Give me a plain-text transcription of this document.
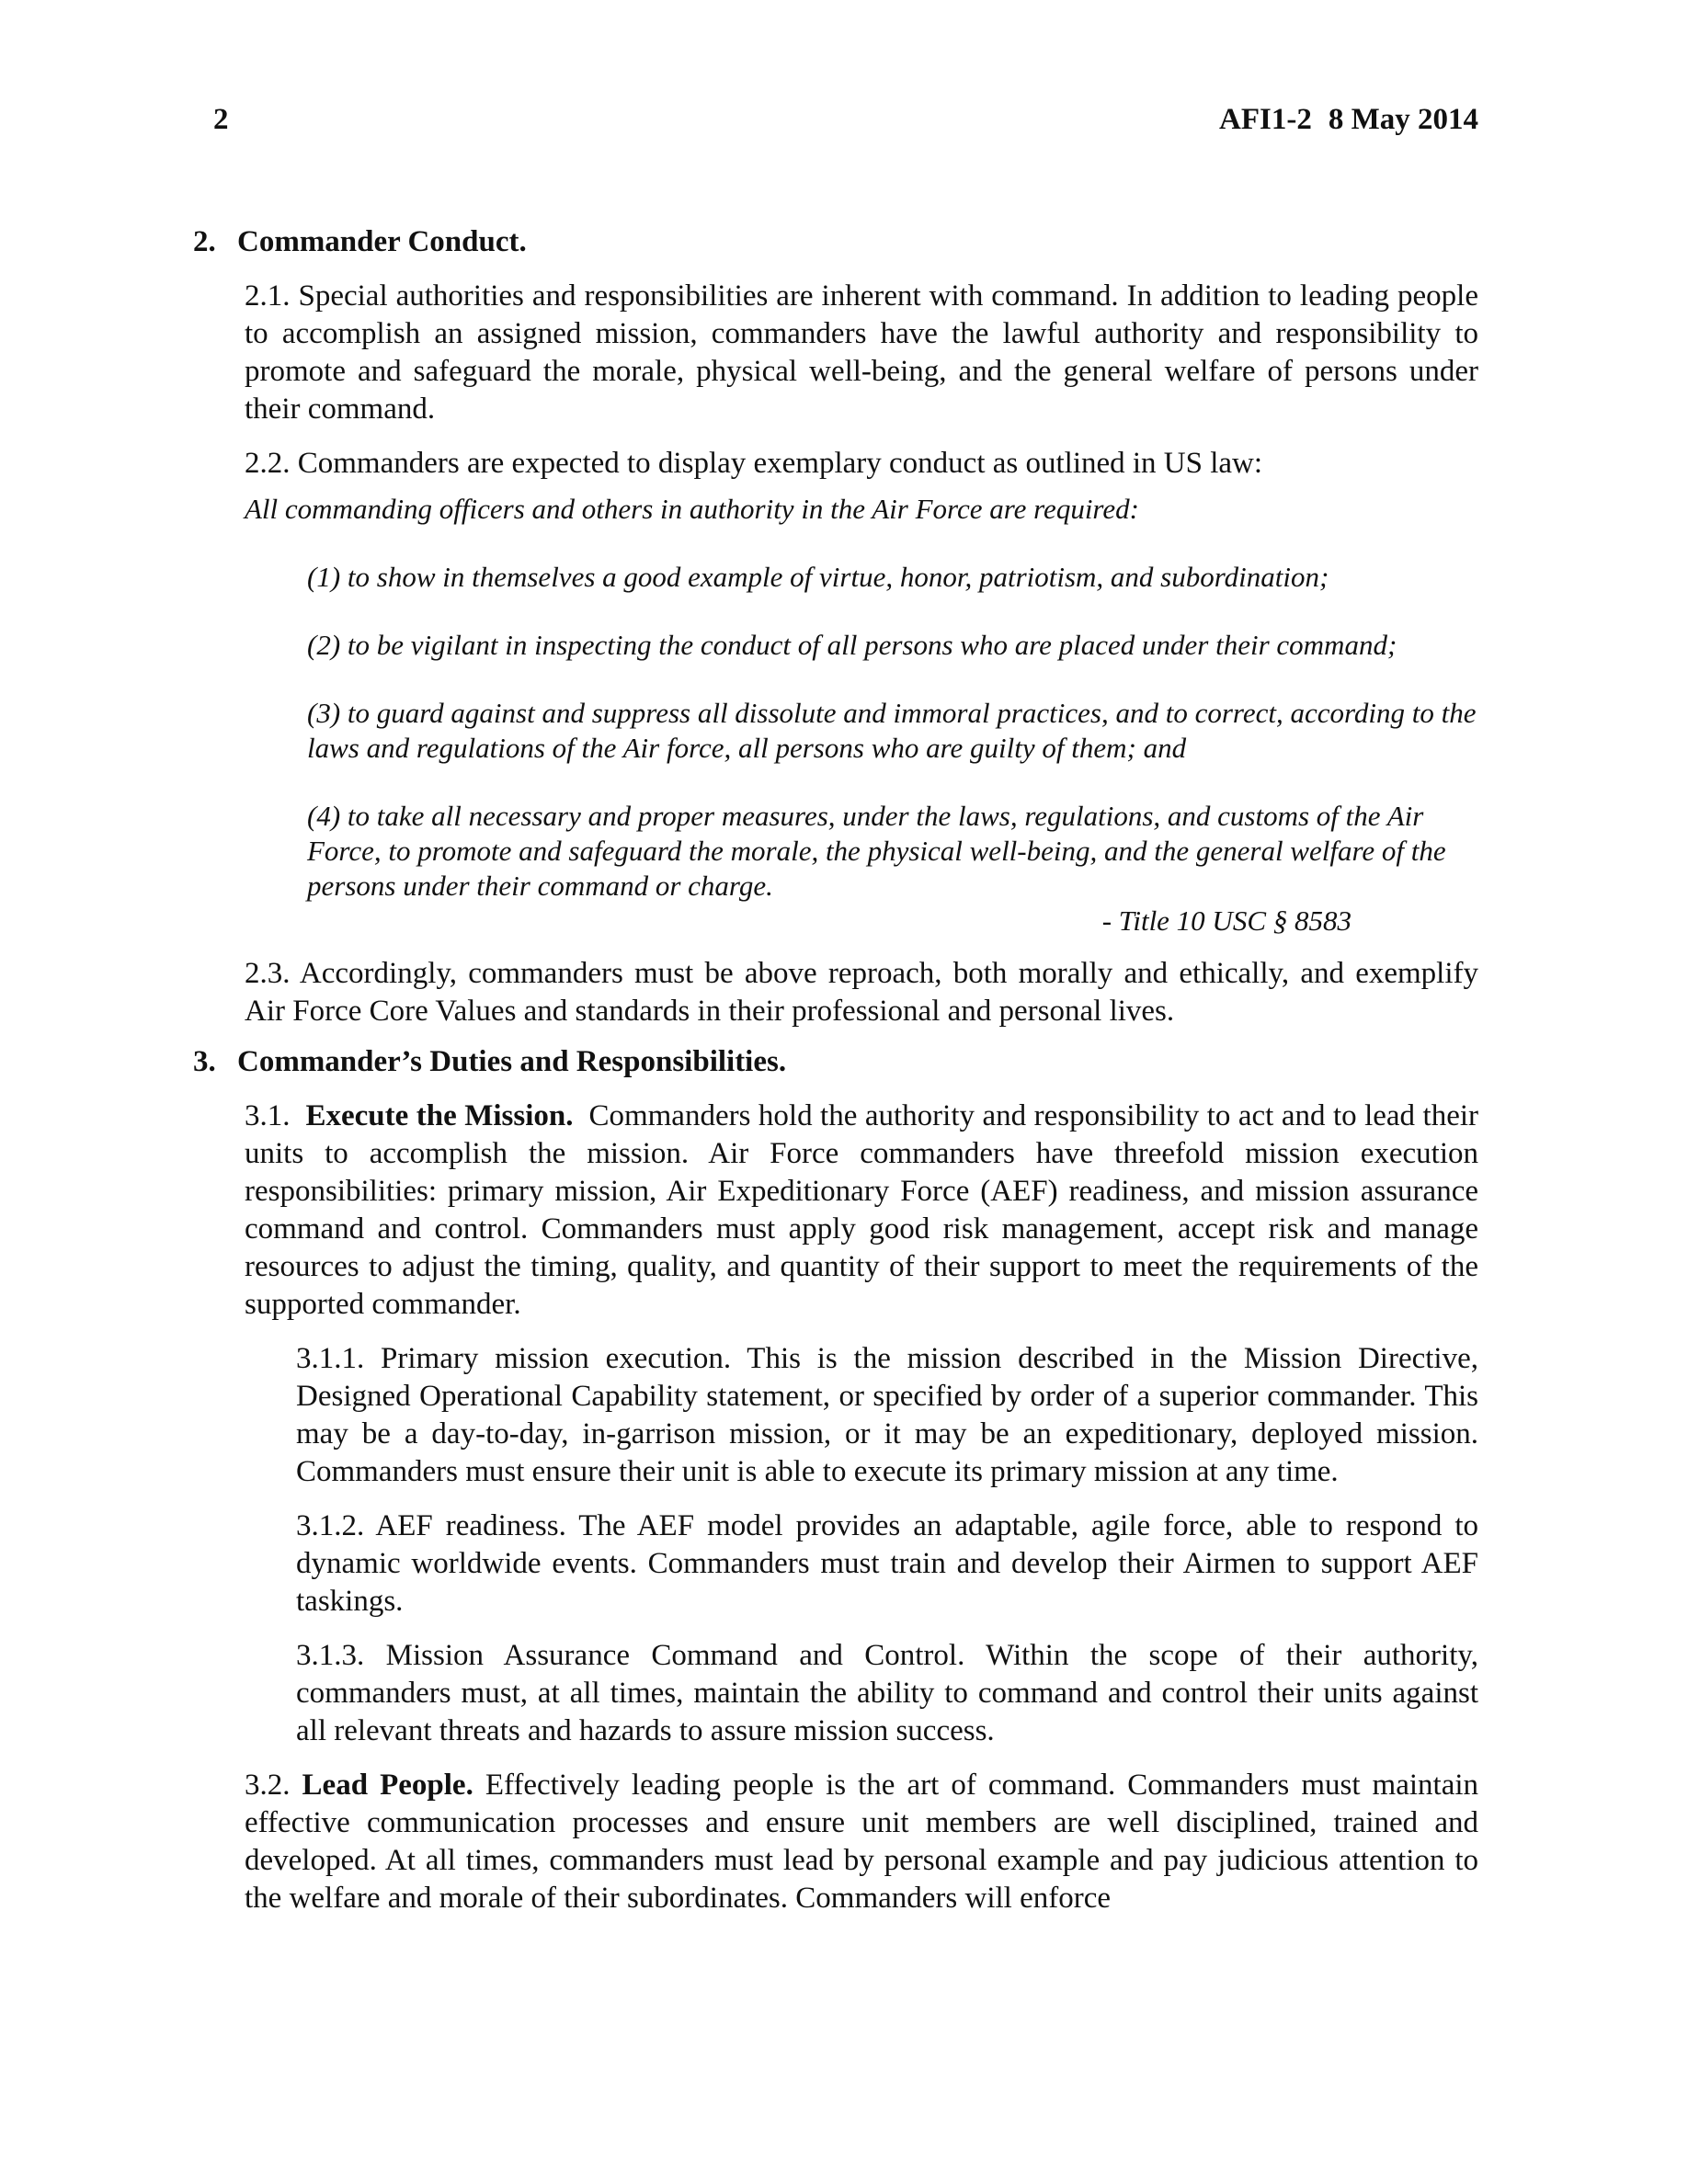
2	AFI1-2 8 May 2014
2. Commander Conduct.
2.1. Special authorities and responsibilities are inherent with command. In addition to leading people to accomplish an assigned mission, commanders have the lawful authority and responsibility to promote and safeguard the morale, physical well-being, and the general welfare of persons under their command.
2.2. Commanders are expected to display exemplary conduct as outlined in US law:
All commanding officers and others in authority in the Air Force are required:
(1) to show in themselves a good example of virtue, honor, patriotism, and subordination;
(2) to be vigilant in inspecting the conduct of all persons who are placed under their command;
(3) to guard against and suppress all dissolute and immoral practices, and to correct, according to the laws and regulations of the Air force, all persons who are guilty of them; and
(4) to take all necessary and proper measures, under the laws, regulations, and customs of the Air Force, to promote and safeguard the morale, the physical well-being, and the general welfare of the persons under their command or charge.
- Title 10 USC § 8583
2.3. Accordingly, commanders must be above reproach, both morally and ethically, and exemplify Air Force Core Values and standards in their professional and personal lives.
3. Commander’s Duties and Responsibilities.
3.1. Execute the Mission. Commanders hold the authority and responsibility to act and to lead their units to accomplish the mission. Air Force commanders have threefold mission execution responsibilities: primary mission, Air Expeditionary Force (AEF) readiness, and mission assurance command and control. Commanders must apply good risk management, accept risk and manage resources to adjust the timing, quality, and quantity of their support to meet the requirements of the supported commander.
3.1.1. Primary mission execution. This is the mission described in the Mission Directive, Designed Operational Capability statement, or specified by order of a superior commander. This may be a day-to-day, in-garrison mission, or it may be an expeditionary, deployed mission. Commanders must ensure their unit is able to execute its primary mission at any time.
3.1.2. AEF readiness. The AEF model provides an adaptable, agile force, able to respond to dynamic worldwide events. Commanders must train and develop their Airmen to support AEF taskings.
3.1.3. Mission Assurance Command and Control. Within the scope of their authority, commanders must, at all times, maintain the ability to command and control their units against all relevant threats and hazards to assure mission success.
3.2. Lead People. Effectively leading people is the art of command. Commanders must maintain effective communication processes and ensure unit members are well disciplined, trained and developed. At all times, commanders must lead by personal example and pay judicious attention to the welfare and morale of their subordinates. Commanders will enforce
